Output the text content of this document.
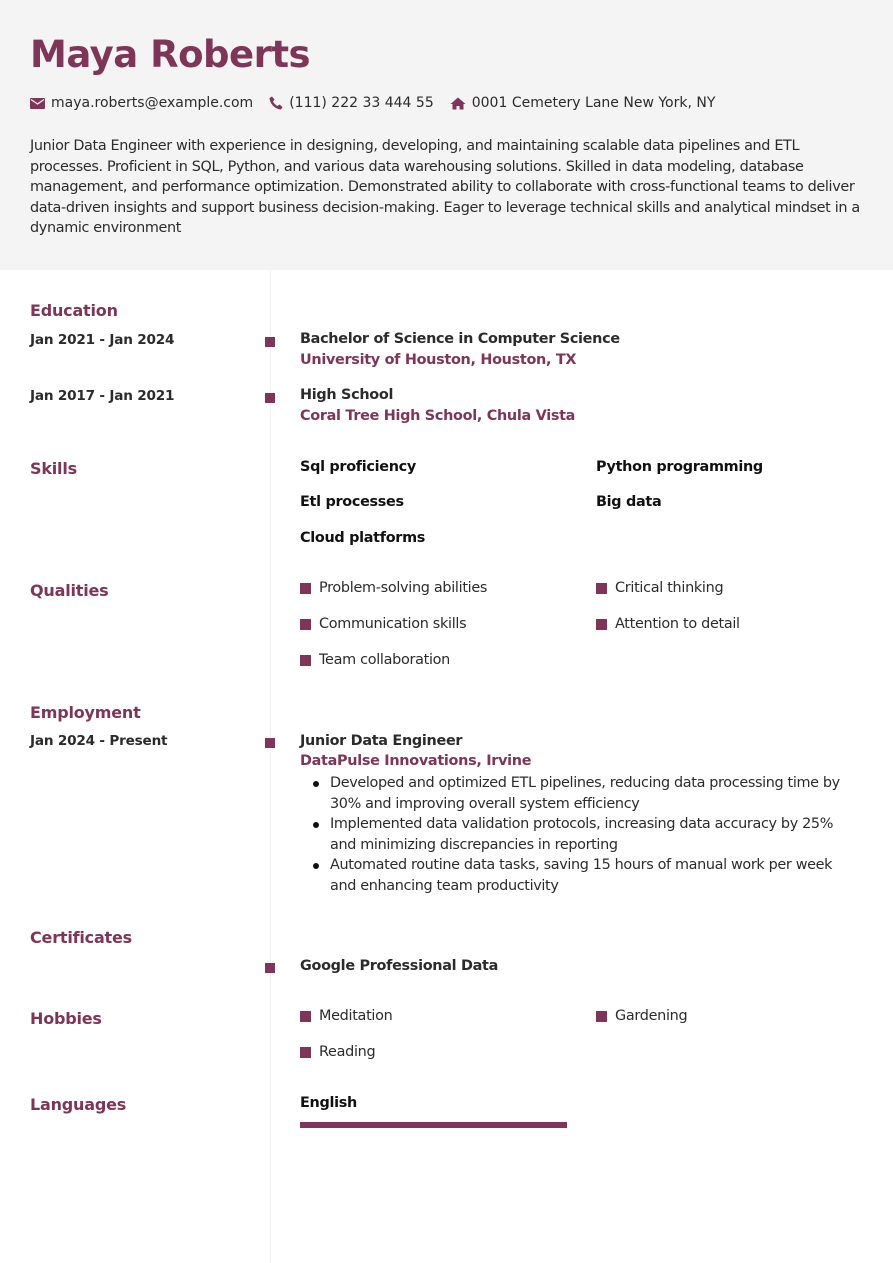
Maya Roberts
maya.roberts@example.com	(111) 222 33 444 55	0001 Cemetery Lane New York, NY
Junior Data Engineer with experience in designing, developing, and maintaining scalable data pipelines and ETL processes. Proficient in SQL, Python, and various data warehousing solutions. Skilled in data modeling, database management, and performance optimization. Demonstrated ability to collaborate with cross-functional teams to deliver data-driven insights and support business decision-making. Eager to leverage technical skills and analytical mindset in a dynamic environment
Education
Jan 2021 - Jan 2024	Bachelor of Science in Computer Science
University of Houston, Houston, TX
Jan 2017 - Jan 2021	High School
Coral Tree High School, Chula Vista
Skills	Sql proficiency	Python programming
Etl processes	Big data
Cloud platforms
Qualities	Problem-solving abilities	Critical thinking
Communication skills	Attention to detail
Team collaboration
Employment
Jan 2024 - Present	Junior Data Engineer
DataPulse Innovations, Irvine
Developed and optimized ETL pipelines, reducing data processing time by 30% and improving overall system efficiency
Implemented data validation protocols, increasing data accuracy by 25% and minimizing discrepancies in reporting
Automated routine data tasks, saving 15 hours of manual work per week and enhancing team productivity
Certificates
Google Professional Data
Hobbies	Meditation	Gardening
Reading
Languages	English
